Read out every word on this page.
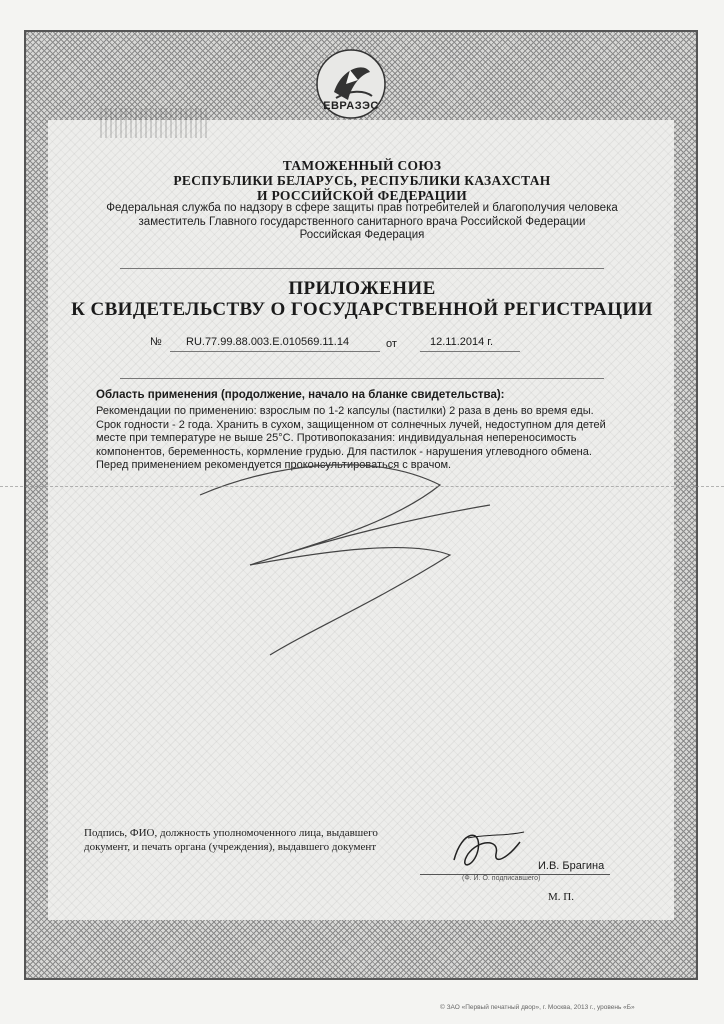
ЕВРАЗЭС
ТАМОЖЕННЫЙ СОЮЗ
РЕСПУБЛИКИ БЕЛАРУСЬ, РЕСПУБЛИКИ КАЗАХСТАН
И РОССИЙСКОЙ ФЕДЕРАЦИИ
Федеральная служба по надзору в сфере защиты прав потребителей и благополучия человека
заместитель Главного государственного санитарного врача Российской Федерации
Российская Федерация
ПРИЛОЖЕНИЕ
К СВИДЕТЕЛЬСТВУ О ГОСУДАРСТВЕННОЙ РЕГИСТРАЦИИ
№ RU.77.99.88.003.E.010569.11.14	от	12.11.2014 г.
Область применения (продолжение, начало на бланке свидетельства):
Рекомендации по применению: взрослым по 1-2 капсулы (пастилки) 2 раза в день во время еды. Срок годности - 2 года. Хранить в сухом, защищенном от солнечных лучей, недоступном для детей месте при температуре не выше 25°С. Противопоказания: индивидуальная непереносимость компонентов, беременность, кормление грудью. Для пастилок - нарушения углеводного обмена. Перед применением рекомендуется проконсультироваться с врачом.
Подпись, ФИО, должность уполномоченного лица, выдавшего документ, и печать органа (учреждения), выдавшего документ
И.В. Брагина
(Ф. И. О. подписавшего)
М. П.
© ЗАО «Первый печатный двор», г. Москва, 2013 г., уровень «Б»
